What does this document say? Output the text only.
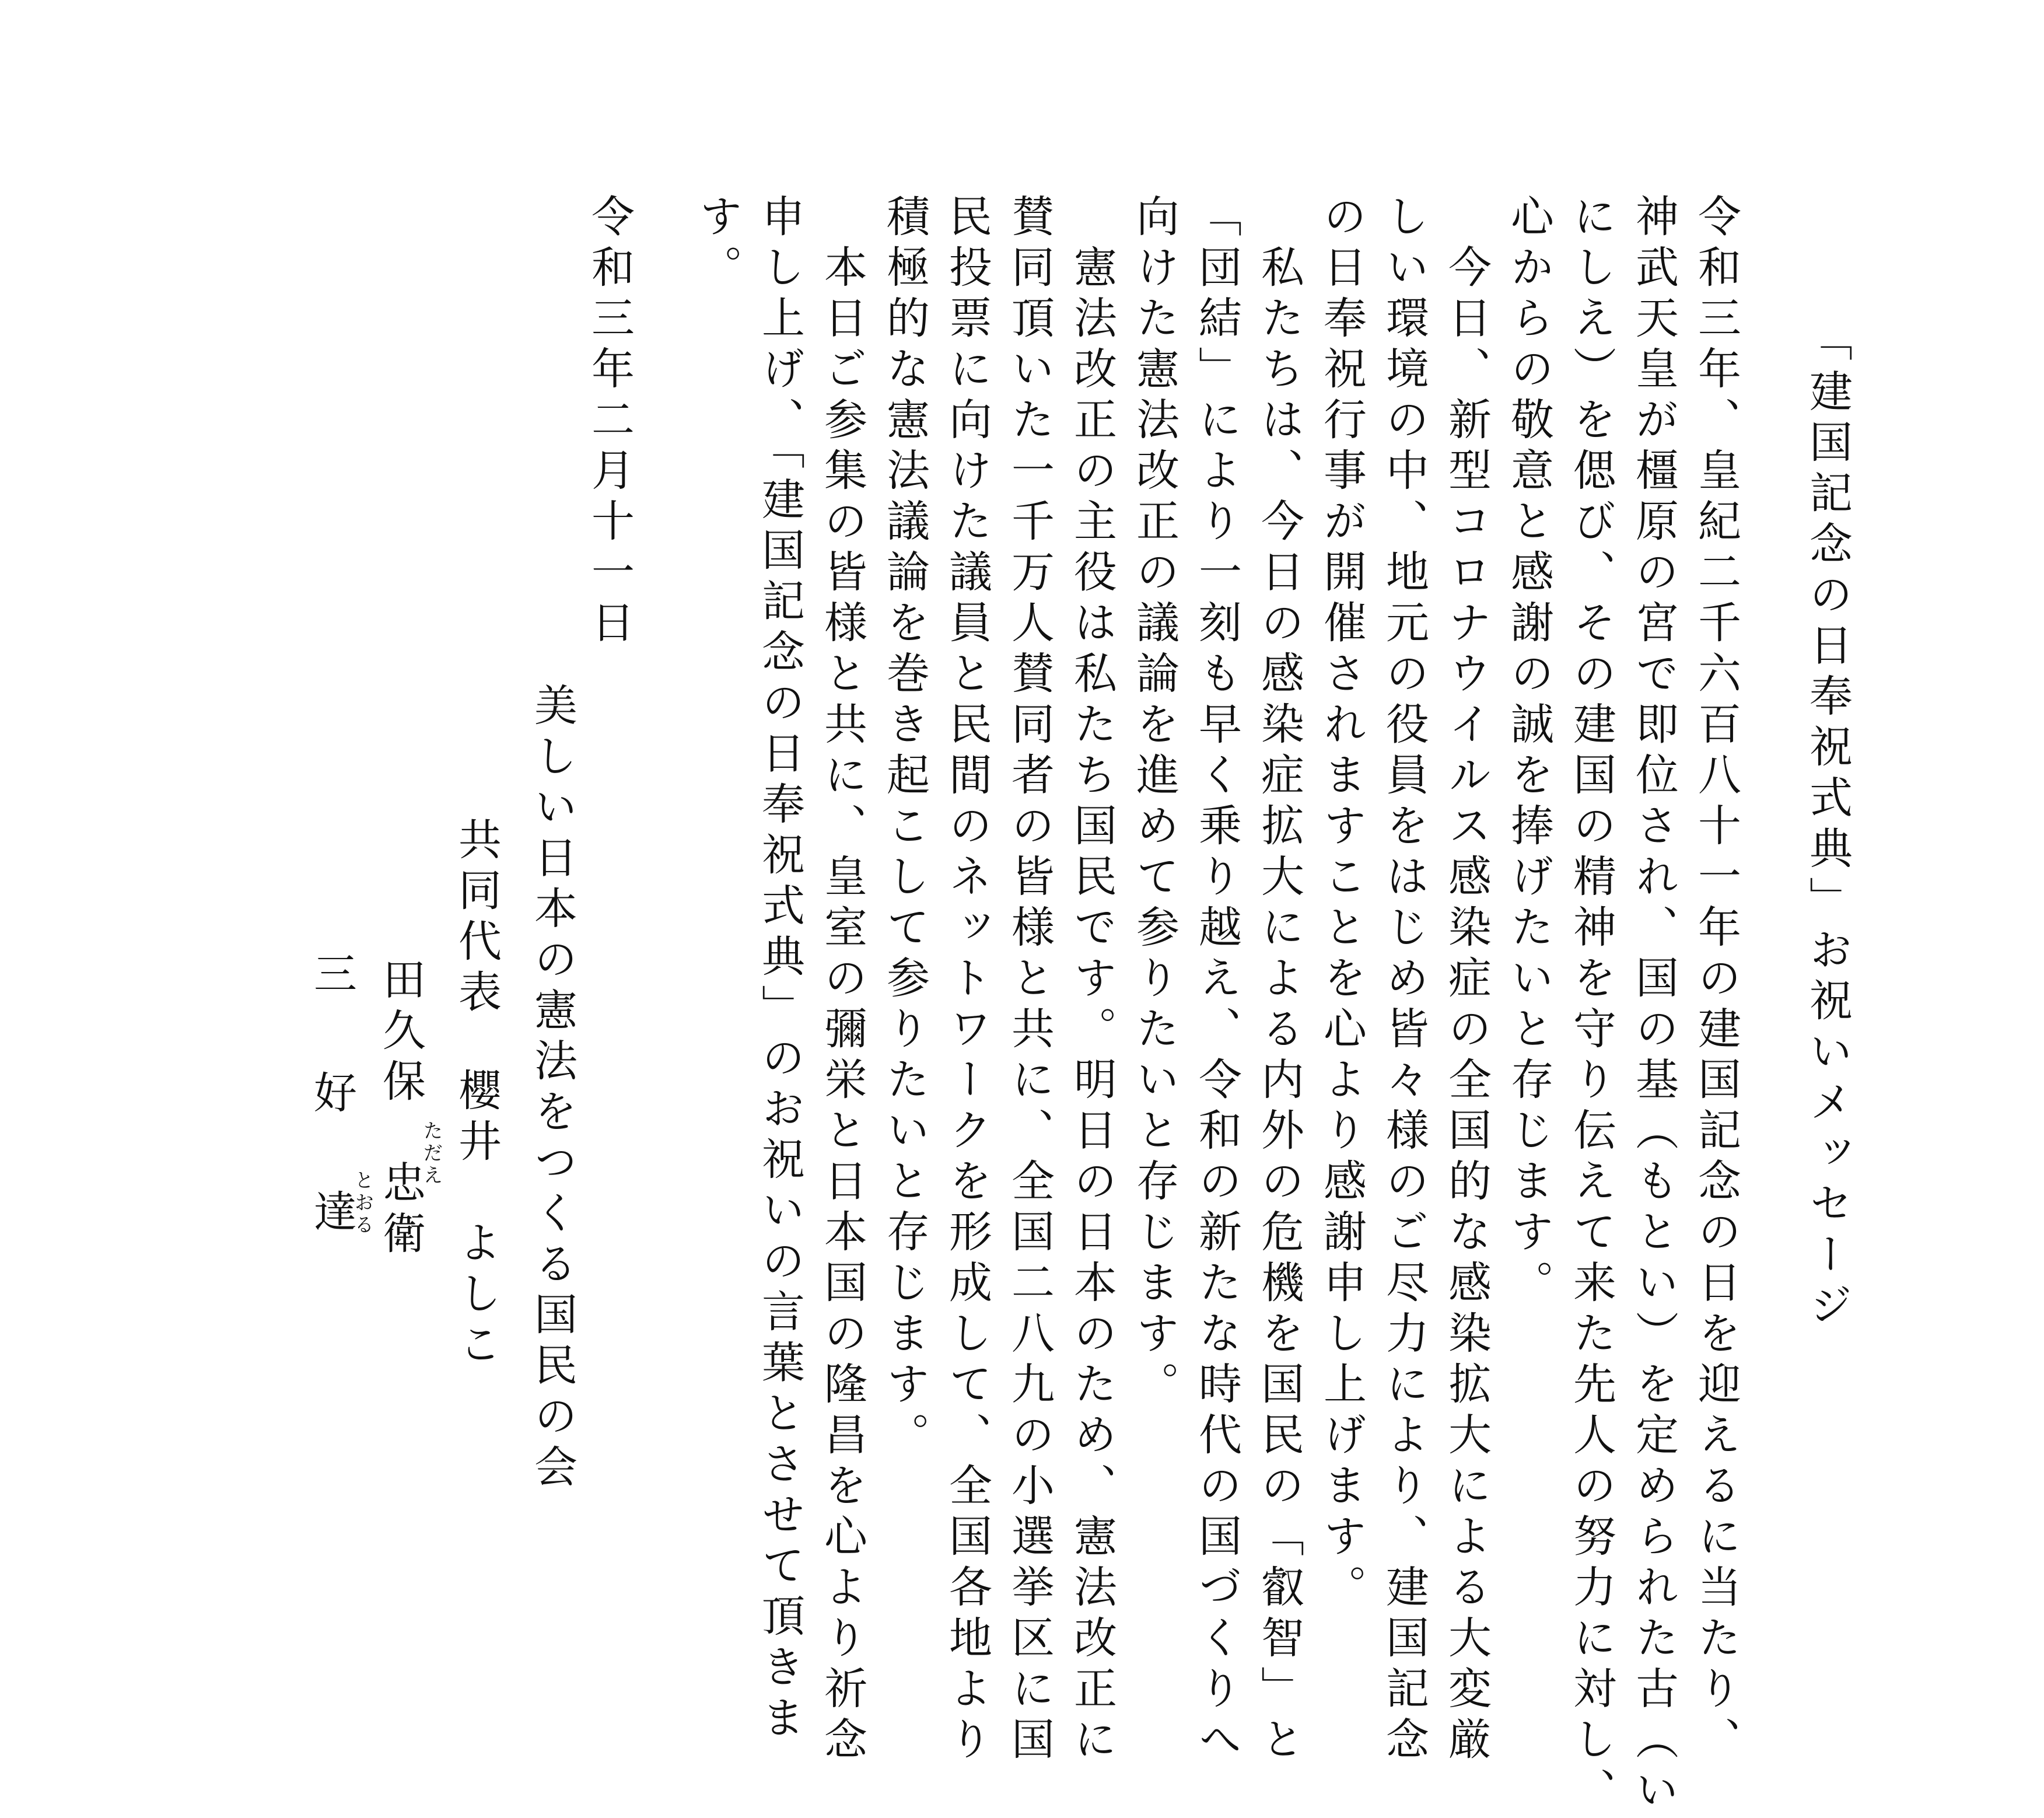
「建国記念の日奉祝式典」お祝いメッセージ
令和三年、皇紀二千六百八十一年の建国記念の日を迎えるに当たり、
神武天皇が橿原の宮で即位され、国の基（もとい）を定められた古（い
にしえ）を偲び、その建国の精神を守り伝えて来た先人の努力に対し、
心からの敬意と感謝の誠を捧げたいと存じます。
今日、新型コロナウイルス感染症の全国的な感染拡大による大変厳
しい環境の中、地元の役員をはじめ皆々様のご尽力により、建国記念
の日奉祝行事が開催されますことを心より感謝申し上げます。
私たちは、今日の感染症拡大による内外の危機を国民の「叡智」と
「団結」により一刻も早く乗り越え、令和の新たな時代の国づくりへ
向けた憲法改正の議論を進めて参りたいと存じます。
憲法改正の主役は私たち国民です。明日の日本のため、憲法改正に
賛同頂いた一千万人賛同者の皆様と共に、全国二八九の小選挙区に国
民投票に向けた議員と民間のネットワークを形成して、全国各地より
積極的な憲法議論を巻き起こして参りたいと存じます。
本日ご参集の皆様と共に、皇室の彌栄と日本国の隆昌を心より祈念
申し上げ、「建国記念の日奉祝式典」のお祝いの言葉とさせて頂きま
す。
令和三年二月十一日
美しい日本の憲法をつくる国民の会
共同代表
櫻井　よしこ
田久保　忠衛
ただえ
三　好　達
とおる
